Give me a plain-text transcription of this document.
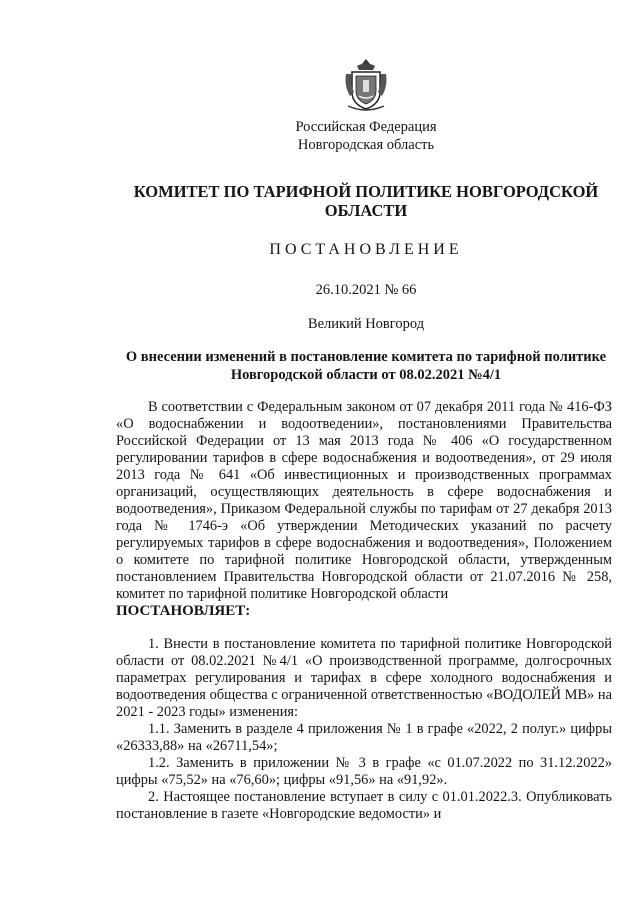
Российская Федерация
Новгородская область
КОМИТЕТ ПО ТАРИФНОЙ ПОЛИТИКЕ НОВГОРОДСКОЙ
ОБЛАСТИ
ПОСТАНОВЛЕНИЕ
26.10.2021 № 66
Великий Новгород
О внесении изменений в постановление комитета по тарифной политике
Новгородской области от 08.02.2021 №4/1

В соответствии с Федеральным законом от 07 декабря 2011 года № 416-ФЗ «О водоснабжении и водоотведении», постановлениями Правительства Российской Федерации от 13 мая 2013 года № 406 «О государственном регулировании тарифов в сфере водоснабжения и водоотведения», от 29 июля 2013 года № 641 «Об инвестиционных и производственных программах организаций, осуществляющих деятельность в сфере водоснабжения и водоотведения», Приказом Федеральной службы по тарифам от 27 декабря 2013 года № 1746-э «Об утверждении Методических указаний по расчету регулируемых тарифов в сфере водоснабжения и водоотведения», Положением о комитете по тарифной политике Новгородской области, утвержденным постановлением Правительства Новгородской области от 21.07.2016 № 258, комитет по тарифной политике Новгородской области

ПОСТАНОВЛЯЕТ:

1. Внести в постановление комитета по тарифной политике Новгородской области от 08.02.2021 №4/1 «О производственной программе, долгосрочных параметрах регулирования и тарифах в сфере холодного водоснабжения и водоотведения общества с ограниченной ответственностью «ВОДОЛЕЙ МВ» на 2021 - 2023 годы» изменения:

1.1. Заменить в разделе 4 приложения № 1 в графе «2022, 2 полуг.» цифры «26333,88» на «26711,54»;

1.2. Заменить в приложении № 3 в графе «с 01.07.2022 по 31.12.2022» цифры «75,52» на «76,60»; цифры «91,56» на «91,92».

2. Настоящее постановление вступает в силу с 01.01.2022.3. Опубликовать постановление в газете «Новгородские ведомости» и
